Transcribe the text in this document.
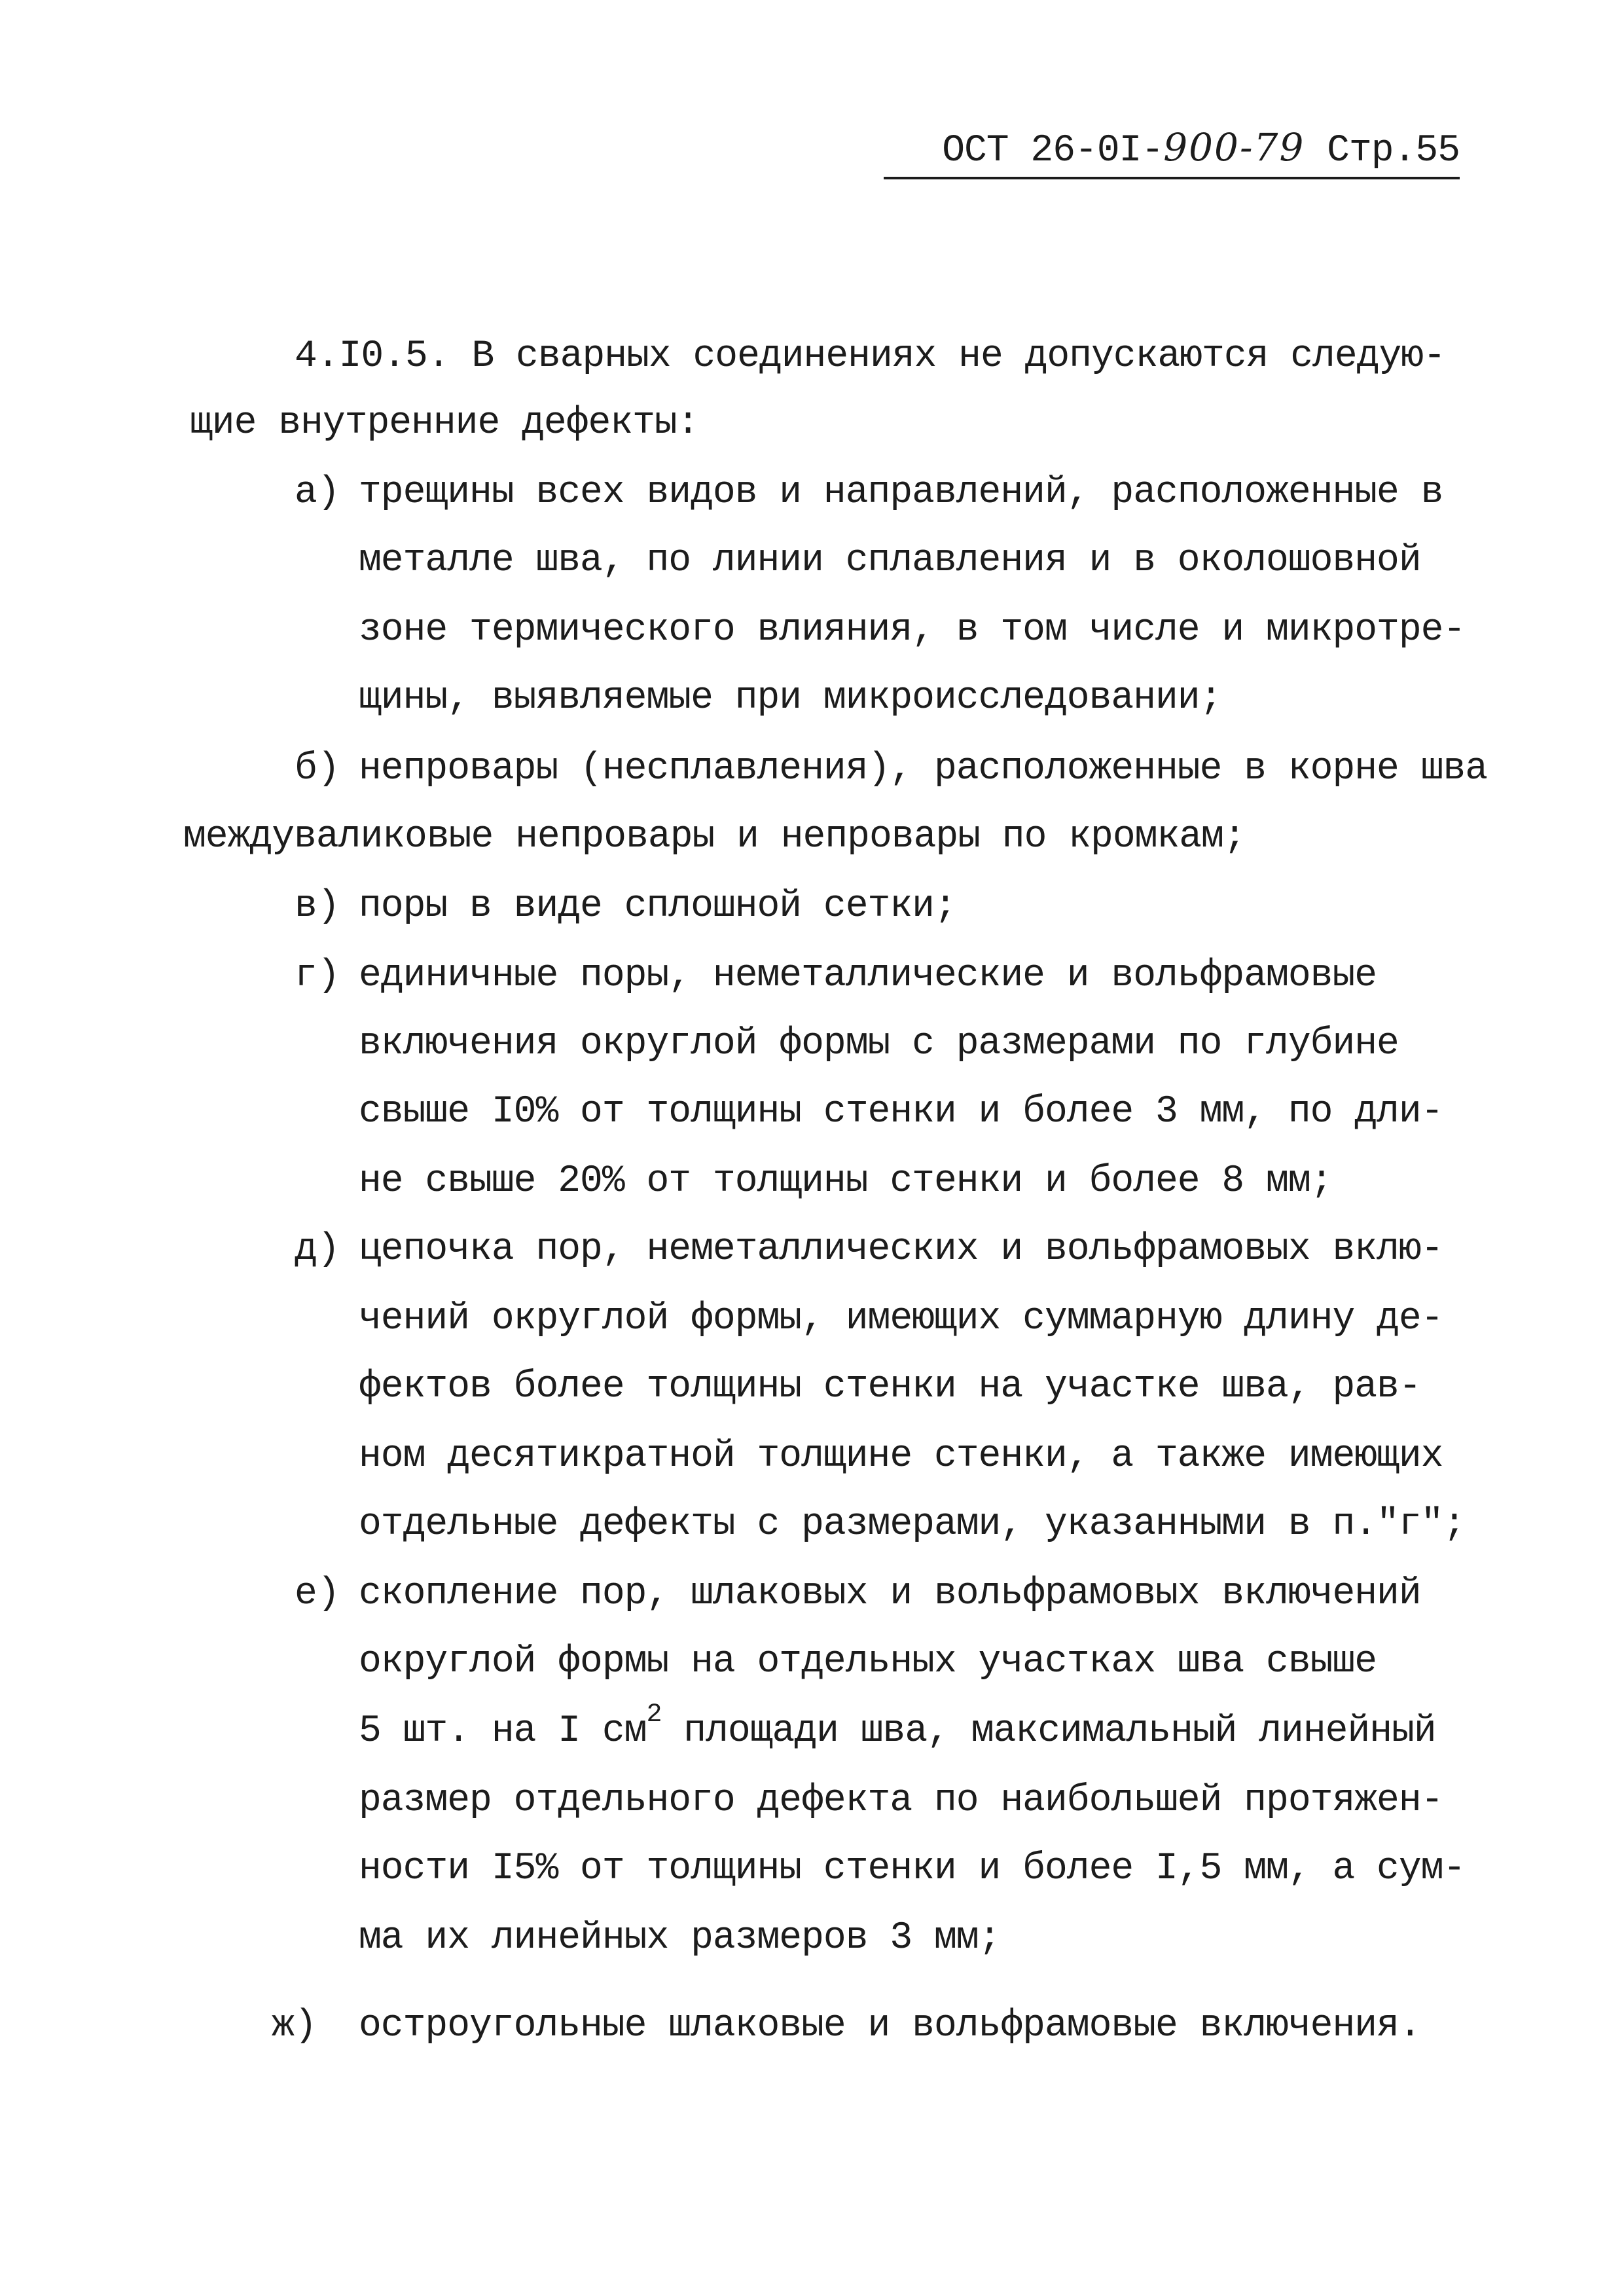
ОСТ 26-0I-900-79 Стр.55
4.I0.5. В сварных соединениях не допускаются следую-
щие внутренние дефекты:
а) трещины всех видов и направлений, расположенные в
металле шва, по линии сплавления и в околошовной
зоне термического влияния, в том числе и микротре-
щины, выявляемые при микроисследовании;
б) непровары (несплавления), расположенные в корне шва
междуваликовые непровары и непровары по кромкам;
в) поры в виде сплошной сетки;
г) единичные поры, неметаллические и вольфрамовые
включения округлой формы с размерами по глубине
свыше I0% от толщины стенки и более 3 мм, по дли-
не свыше 20% от толщины стенки и более 8 мм;
д) цепочка пор, неметаллических и вольфрамовых вклю-
чений округлой формы, имеющих суммарную длину де-
фектов более толщины стенки на участке шва, рав-
ном десятикратной толщине стенки, а также имеющих
отдельные дефекты с размерами, указанными в п."г";
е) скопление пор, шлаковых и вольфрамовых включений
округлой формы на отдельных участках шва свыше
5 шт. на I $см^2$ площади шва, максимальный линейный
размер отдельного дефекта по наибольшей протяжен-
ности I5% от толщины стенки и более I,5 мм, а сум-
ма их линейных размеров 3 мм;
ж) остроугольные шлаковые и вольфрамовые включения.
